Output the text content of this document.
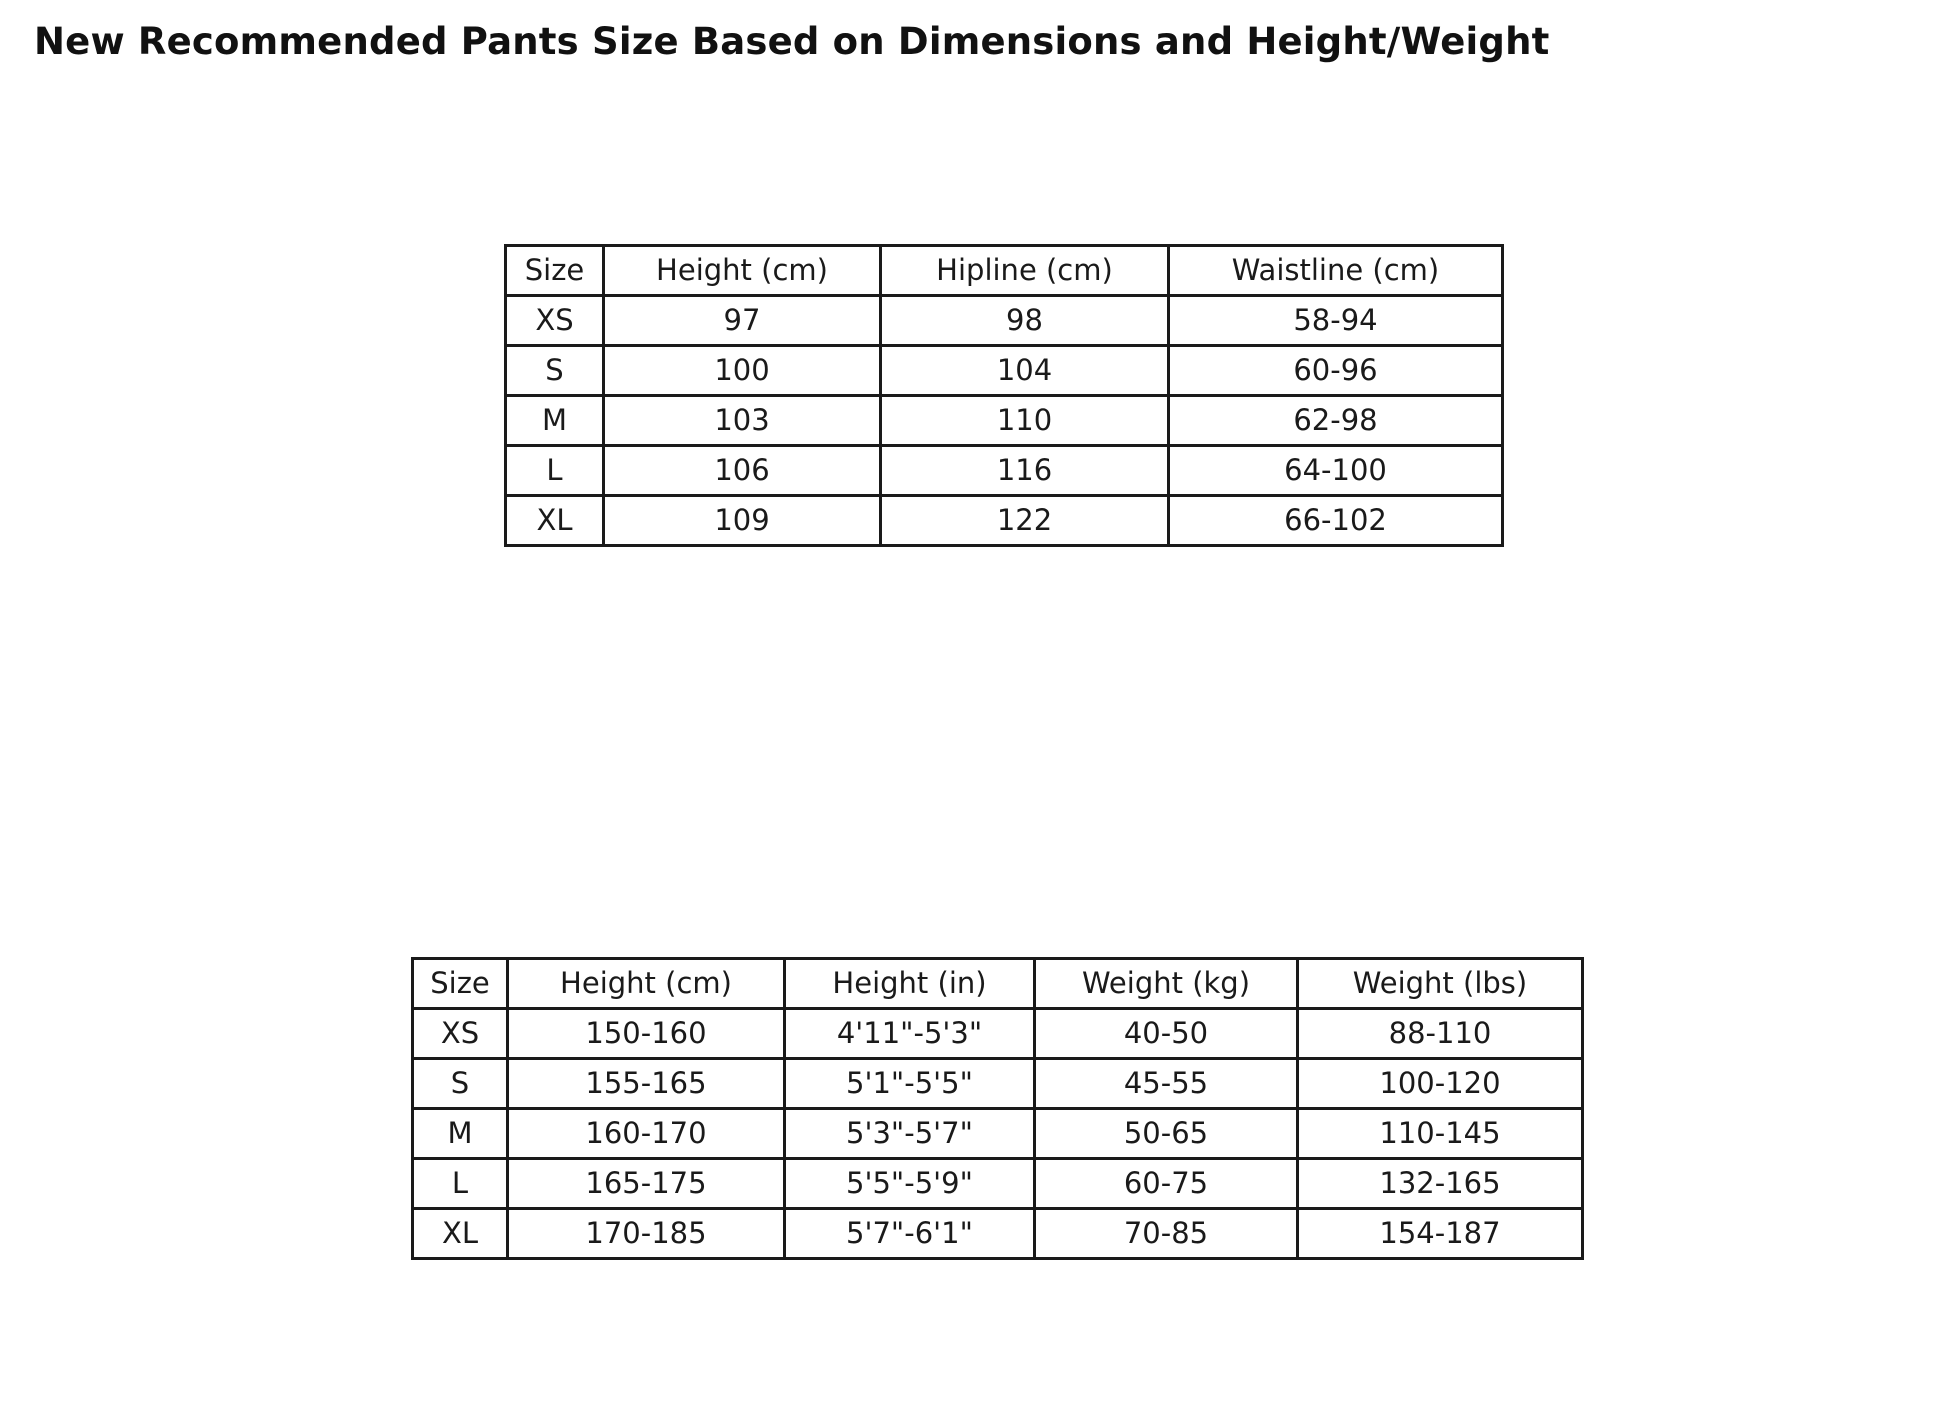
New Recommended Pants Size Based on Dimensions and Height/Weight
Size	Height (cm)	Hipline (cm)	Waistline (cm)
XS	97	98	58-94
S	100	104	60-96
M	103	110	62-98
L	106	116	64-100
XL	109	122	66-102
Size	Height (cm)	Height (in)	Weight (kg)	Weight (lbs)
XS	150-160	4'11"-5'3"	40-50	88-110
S	155-165	5'1"-5'5"	45-55	100-120
M	160-170	5'3"-5'7"	50-65	110-145
L	165-175	5'5"-5'9"	60-75	132-165
XL	170-185	5'7"-6'1"	70-85	154-187
